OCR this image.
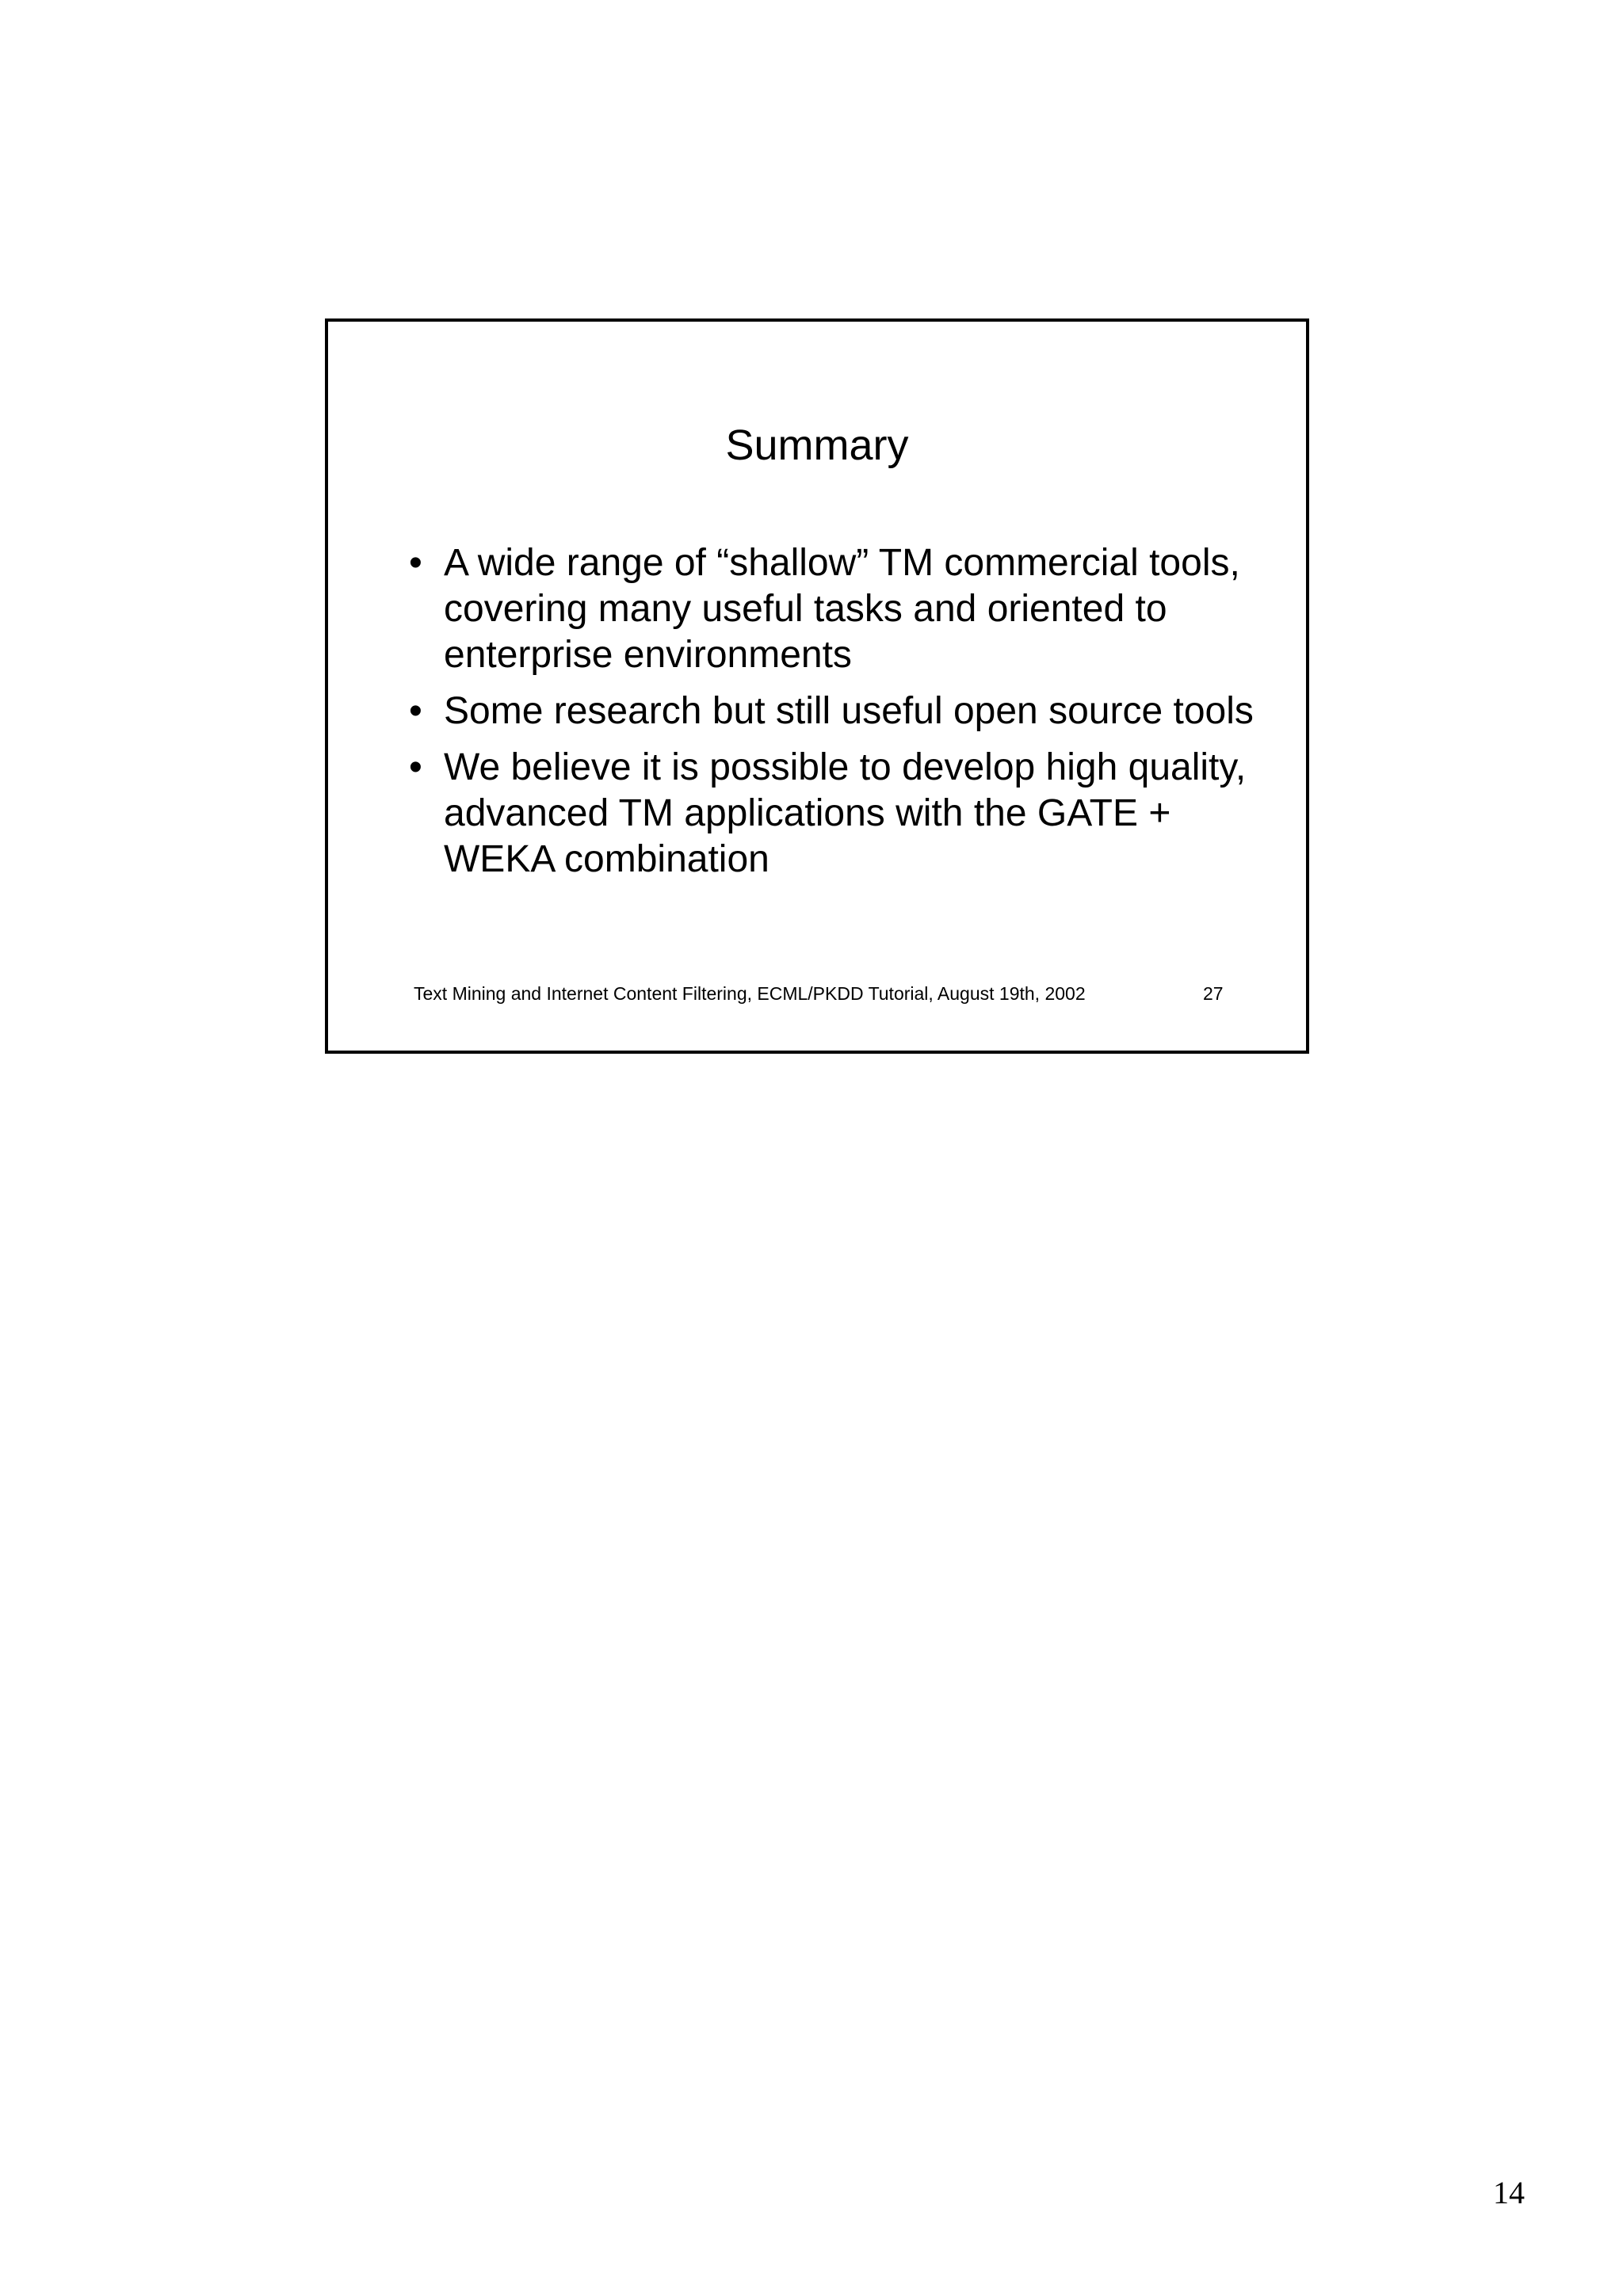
Summary
• A wide range of “shallow” TM commercial tools, covering many useful tasks and oriented to enterprise environments
• Some research but still useful open source tools
• We believe it is possible to develop high quality, advanced TM applications with the GATE + WEKA combination
Text Mining and Internet Content Filtering, ECML/PKDD Tutorial, August 19th, 2002	27
14
